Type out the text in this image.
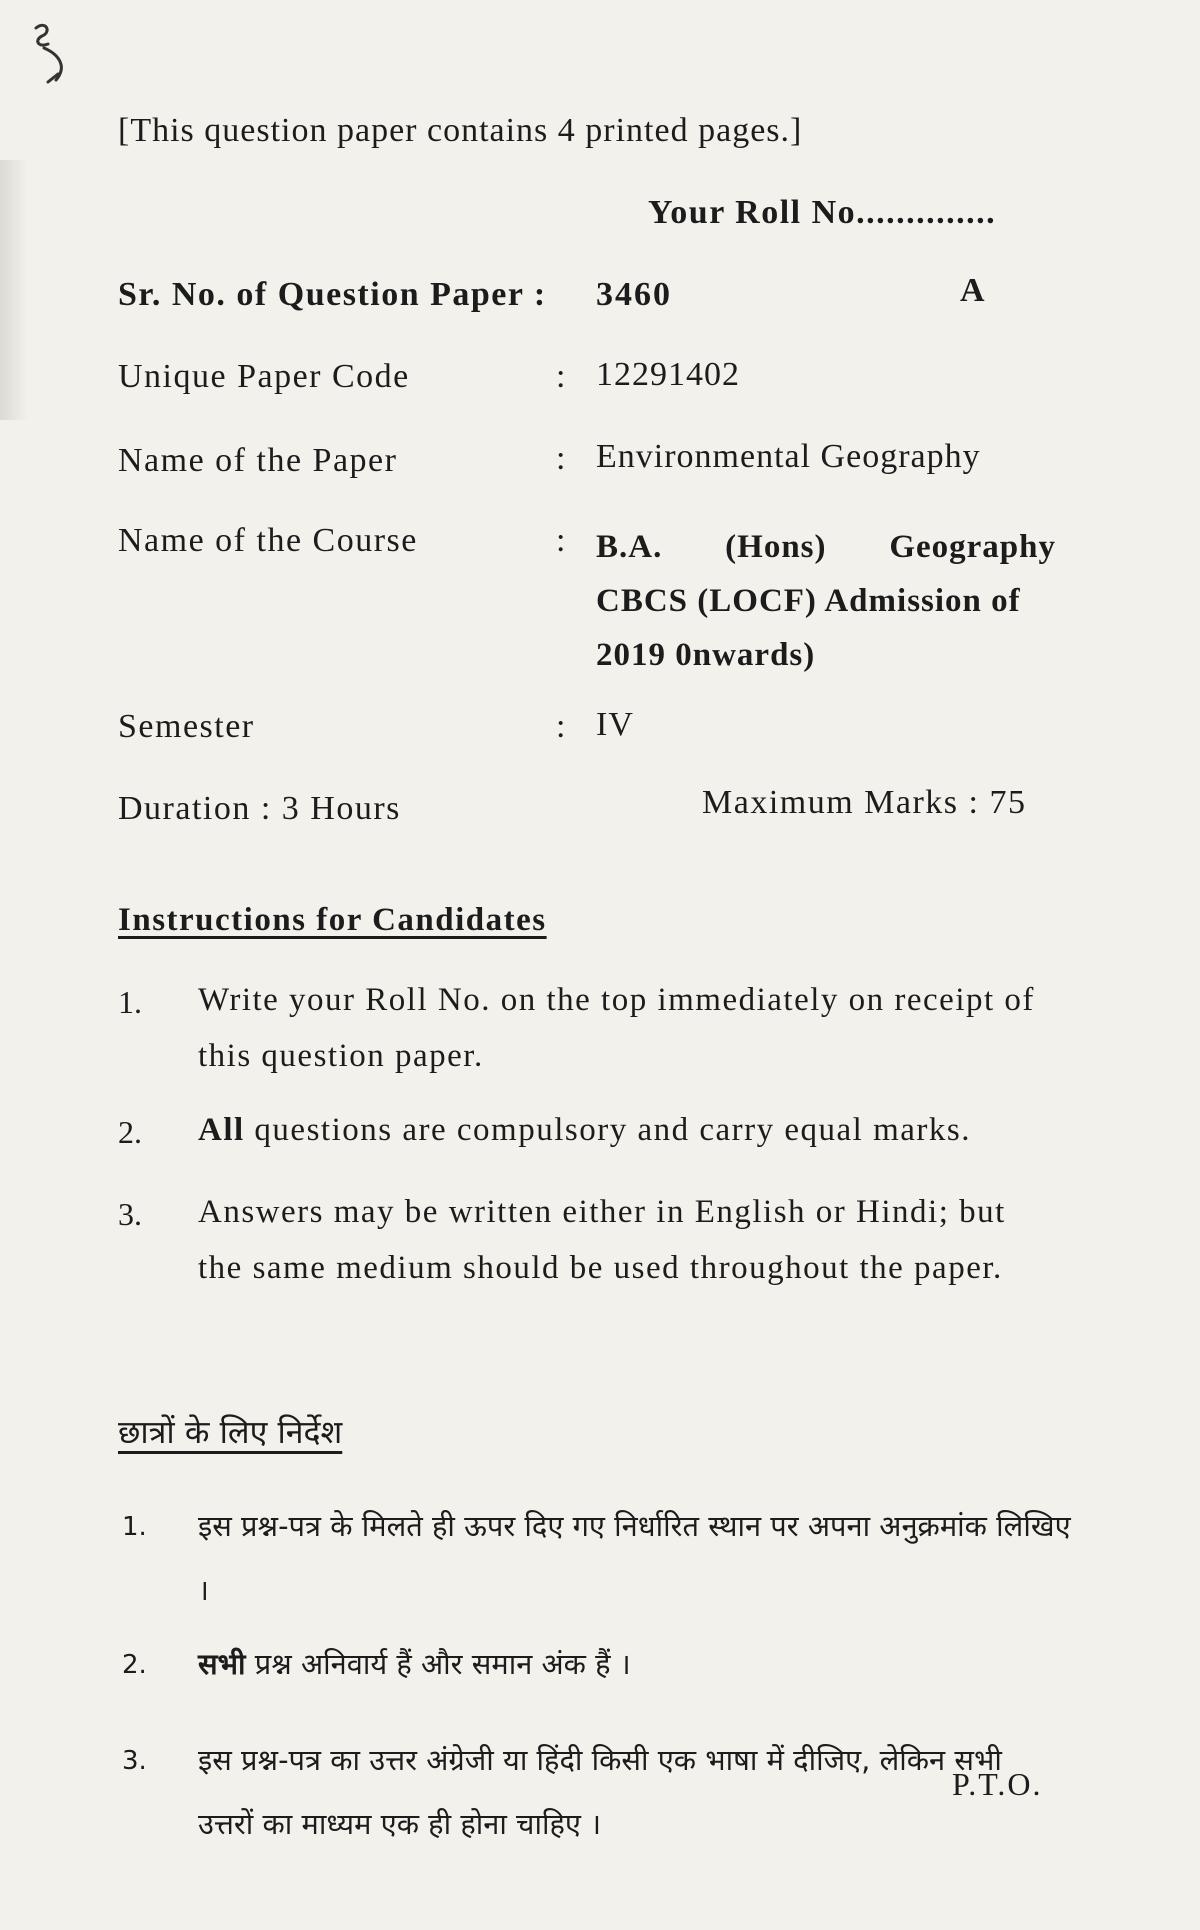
[This question paper contains 4 printed pages.]
Your Roll No..............
Sr. No. of Question Paper : 3460	A
Unique Paper Code	: 12291402
Name of the Paper	: Environmental Geography
Name of the Course	: B.A. (Hons) Geography
CBCS (LOCF) Admission of
2019 0nwards)
Semester	: IV
Duration : 3 Hours	Maximum Marks : 75
Instructions for Candidates
1. Write your Roll No. on the top immediately on receipt of this question paper.
2. All questions are compulsory and carry equal marks.
3. Answers may be written either in English or Hindi; but the same medium should be used throughout the paper.
छात्रों के लिए निर्देश
1. इस प्रश्न-पत्र के मिलते ही ऊपर दिए गए निर्धारित स्थान पर अपना अनुक्रमांक लिखिए ।
2. सभी प्रश्न अनिवार्य हैं और समान अंक हैं ।
3. इस प्रश्न-पत्र का उत्तर अंग्रेजी या हिंदी किसी एक भाषा में दीजिए, लेकिन सभी उत्तरों का माध्यम एक ही होना चाहिए ।
P.T.O.
